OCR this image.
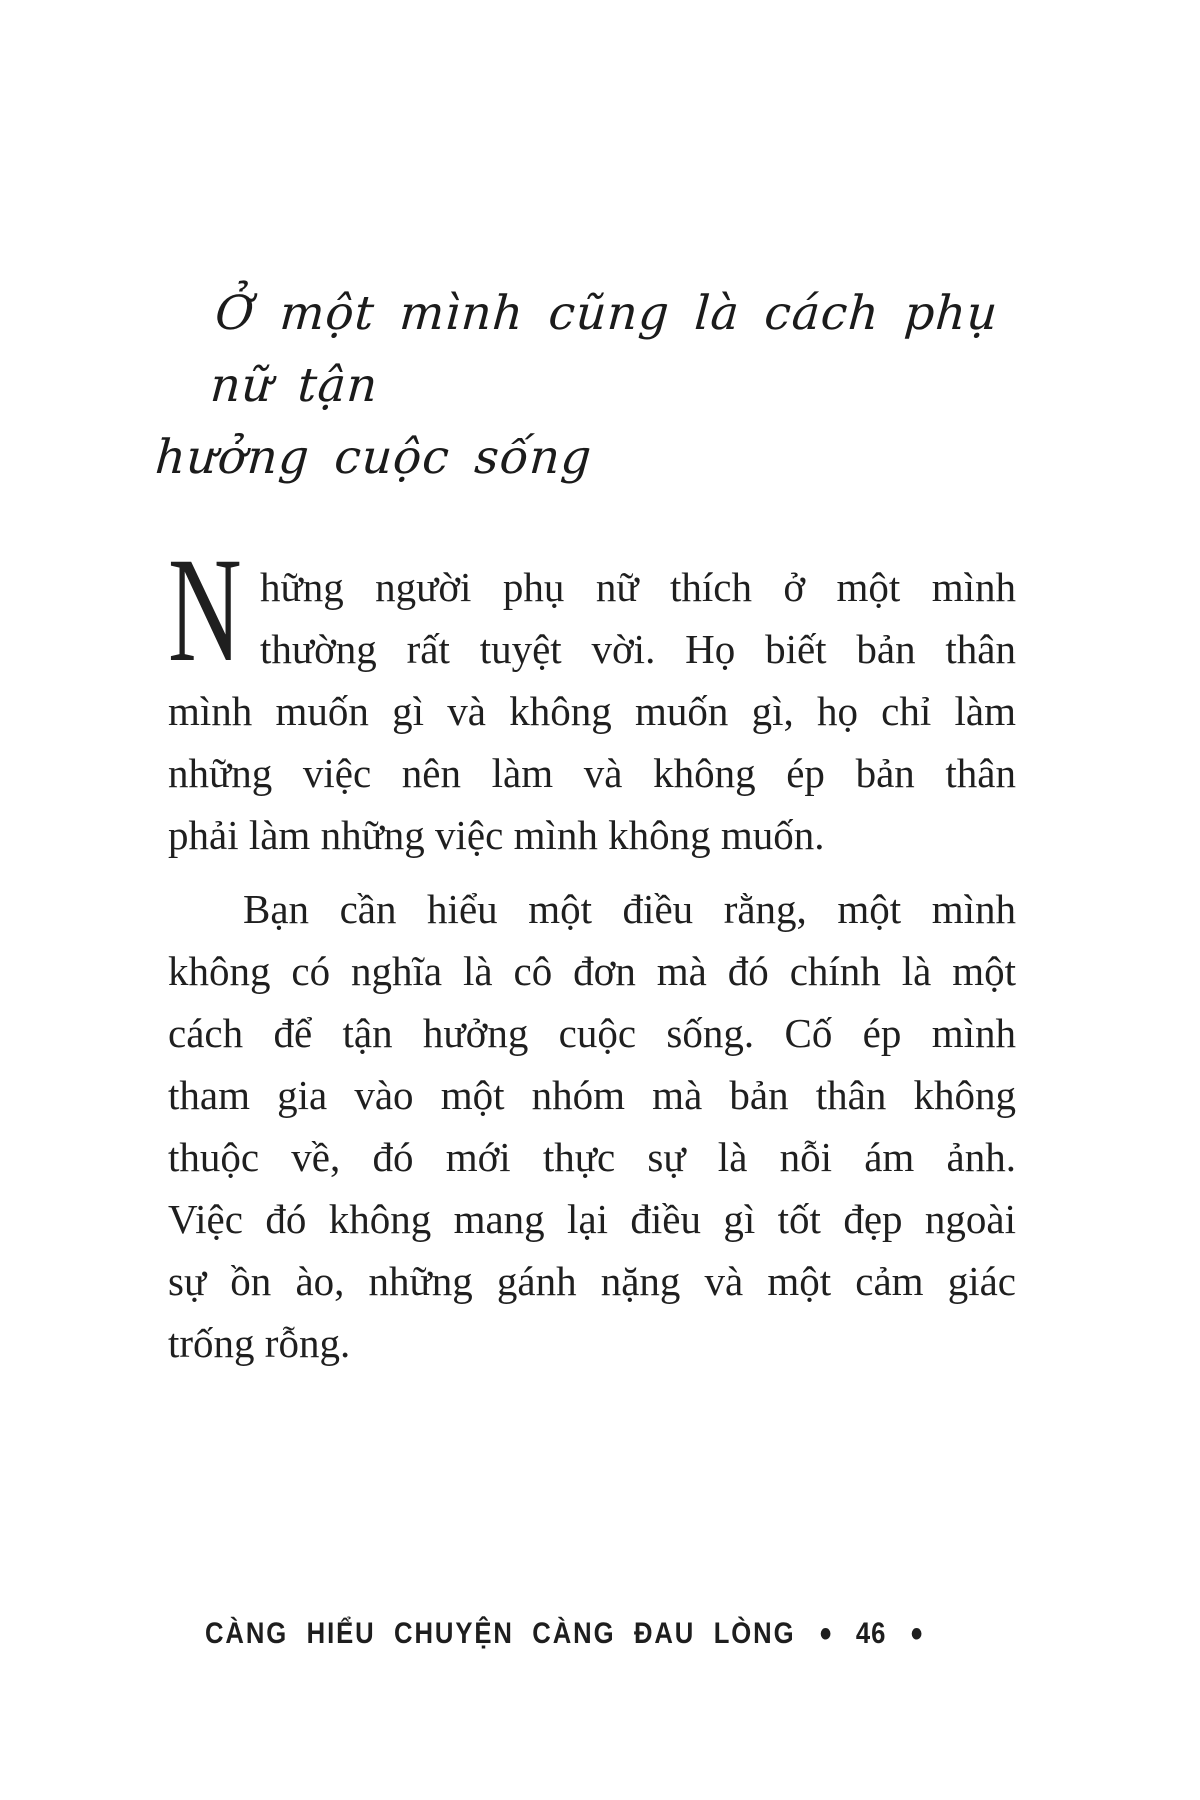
Ở một mình cũng là cách phụ nữ tận
hưởng cuộc sống
N hững người phụ nữ thích ở một mình
thường rất tuyệt vời. Họ biết bản thân
mình muốn gì và không muốn gì, họ chỉ làm
những việc nên làm và không ép bản thân
phải làm những việc mình không muốn.
Bạn cần hiểu một điều rằng, một mình
không có nghĩa là cô đơn mà đó chính là một
cách để tận hưởng cuộc sống. Cố ép mình
tham gia vào một nhóm mà bản thân không
thuộc về, đó mới thực sự là nỗi ám ảnh.
Việc đó không mang lại điều gì tốt đẹp ngoài
sự ồn ào, những gánh nặng và một cảm giác
trống rỗng.
CÀNG HIỂU CHUYỆN CÀNG ĐAU LÒNG • 46 •
